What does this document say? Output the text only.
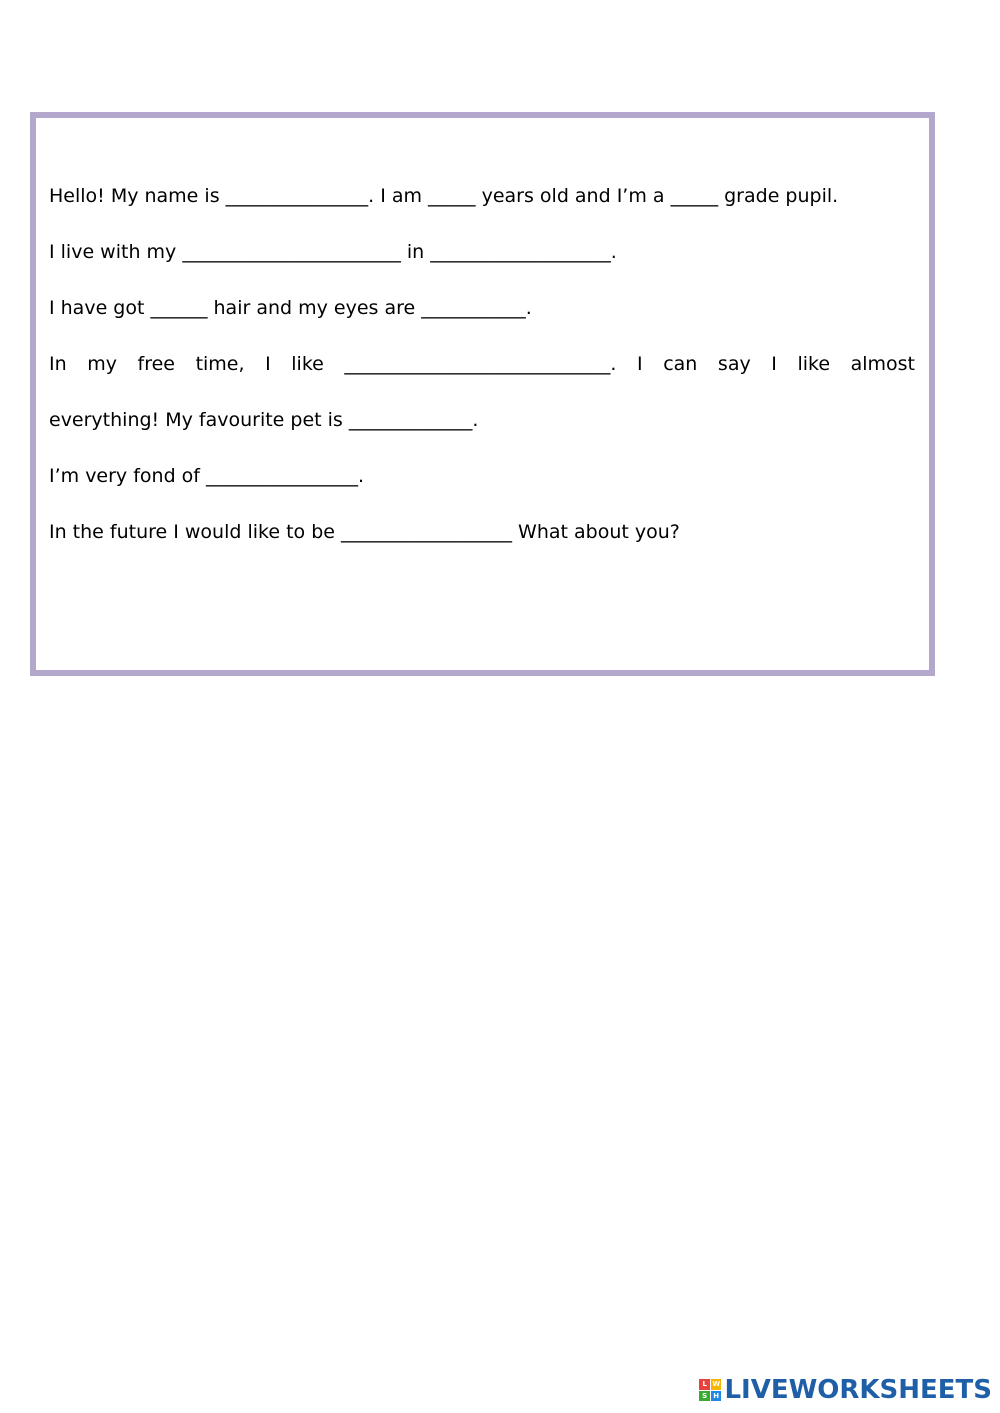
Hello! My name is _______________. I am _____ years old and I’m a _____ grade pupil.
I live with my _______________________ in ___________________.
I have got ______ hair and my eyes are ___________.
In my free time, I like ____________________________. I can say I like almost
everything! My favourite pet is _____________.
I’m very fond of ________________.
In the future I would like to be __________________ What about you?
L W
S H LIVEWORKSHEETS
